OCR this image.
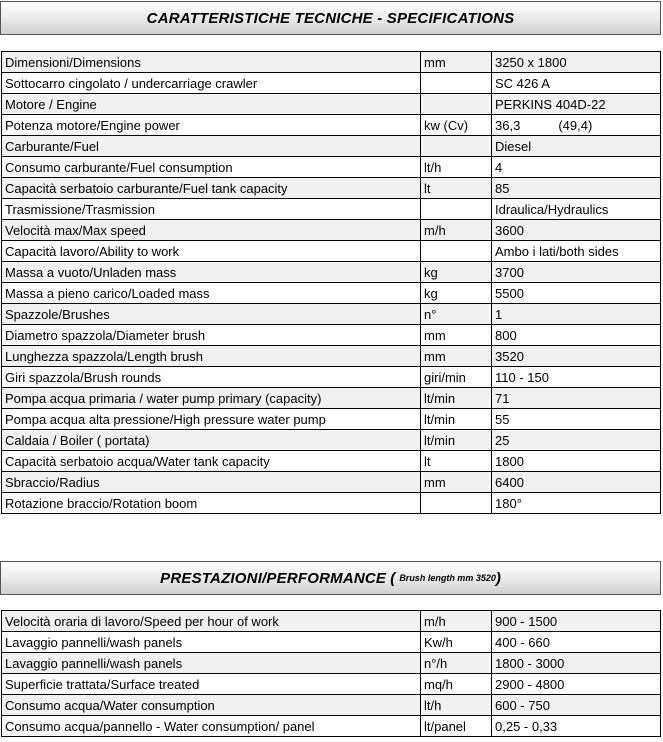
CARATTERISTICHE TECNICHE - SPECIFICATIONS
Dimensioni/Dimensions	mm	3250 x 1800
Sottocarro cingolato / undercarriage crawler		SC 426 A
Motore / Engine		PERKINS 404D-22
Potenza motore/Engine power	kw (Cv)	36,3 (49,4)
Carburante/Fuel		Diesel
Consumo carburante/Fuel consumption	lt/h	4
Capacità serbatoio carburante/Fuel tank capacity	lt	85
Trasmissione/Trasmission		Idraulica/Hydraulics
Velocità max/Max speed	m/h	3600
Capacità lavoro/Ability to work		Ambo i lati/both sides
Massa a vuoto/Unladen mass	kg	3700
Massa a pieno carico/Loaded mass	kg	5500
Spazzole/Brushes	n°	1
Diametro spazzola/Diameter brush	mm	800
Lunghezza spazzola/Length brush	mm	3520
Giri spazzola/Brush rounds	giri/min	110 - 150
Pompa acqua primaria / water pump primary (capacity)	lt/min	71
Pompa acqua alta pressione/High pressure water pump	lt/min	55
Caldaia / Boiler ( portata)	lt/min	25
Capacità serbatoio acqua/Water tank capacity	lt	1800
Sbraccio/Radius	mm	6400
Rotazione braccio/Rotation boom		180°
PRESTAZIONI/PERFORMANCE ( Brush length mm 3520 )
Velocità oraria di lavoro/Speed per hour of work	m/h	900 - 1500
Lavaggio pannelli/wash panels	Kw/h	400 - 660
Lavaggio pannelli/wash panels	n°/h	1800 - 3000
Superficie trattata/Surface treated	mq/h	2900 - 4800
Consumo acqua/Water consumption	lt/h	600 - 750
Consumo acqua/pannello - Water consumption/ panel	lt/panel	0,25 - 0,33
